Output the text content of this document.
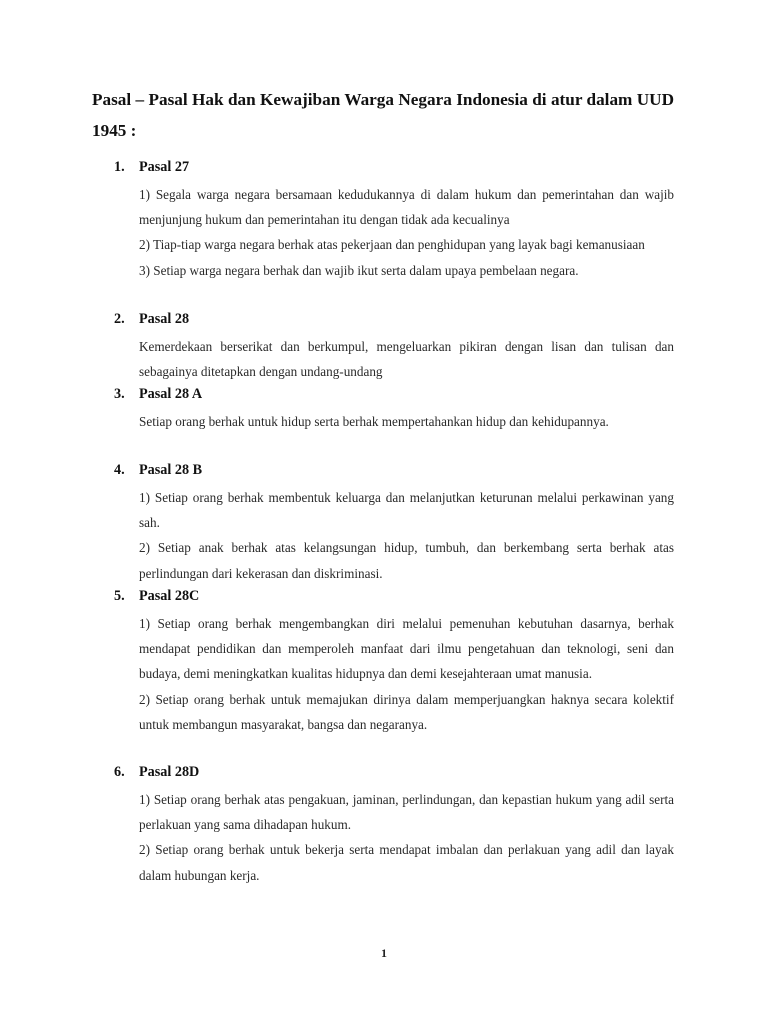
Pasal – Pasal Hak dan Kewajiban Warga Negara Indonesia di atur dalam UUD 1945 :
1. Pasal 27

1) Segala warga negara bersamaan kedudukannya di dalam hukum dan pemerintahan dan wajib menjunjung hukum dan pemerintahan itu dengan tidak ada kecualinya

2) Tiap-tiap warga negara berhak atas pekerjaan dan penghidupan yang layak bagi kemanusiaan

3) Setiap warga negara berhak dan wajib ikut serta dalam upaya pembelaan negara.

2. Pasal 28

Kemerdekaan berserikat dan berkumpul, mengeluarkan pikiran dengan lisan dan tulisan dan sebagainya ditetapkan dengan undang-undang

3. Pasal 28 A

Setiap orang berhak untuk hidup serta berhak mempertahankan hidup dan kehidupannya.

4. Pasal 28 B

1) Setiap orang berhak membentuk keluarga dan melanjutkan keturunan melalui perkawinan yang sah.

2) Setiap anak berhak atas kelangsungan hidup, tumbuh, dan berkembang serta berhak atas perlindungan dari kekerasan dan diskriminasi.

5. Pasal 28C

1) Setiap orang berhak mengembangkan diri melalui pemenuhan kebutuhan dasarnya, berhak mendapat pendidikan dan memperoleh manfaat dari ilmu pengetahuan dan teknologi, seni dan budaya, demi meningkatkan kualitas hidupnya dan demi kesejahteraan umat manusia.

2) Setiap orang berhak untuk memajukan dirinya dalam memperjuangkan haknya secara kolektif untuk membangun masyarakat, bangsa dan negaranya.

6. Pasal 28D

1) Setiap orang berhak atas pengakuan, jaminan, perlindungan, dan kepastian hukum yang adil serta perlakuan yang sama dihadapan hukum.

2) Setiap orang berhak untuk bekerja serta mendapat imbalan dan perlakuan yang adil dan layak dalam hubungan kerja.

1
